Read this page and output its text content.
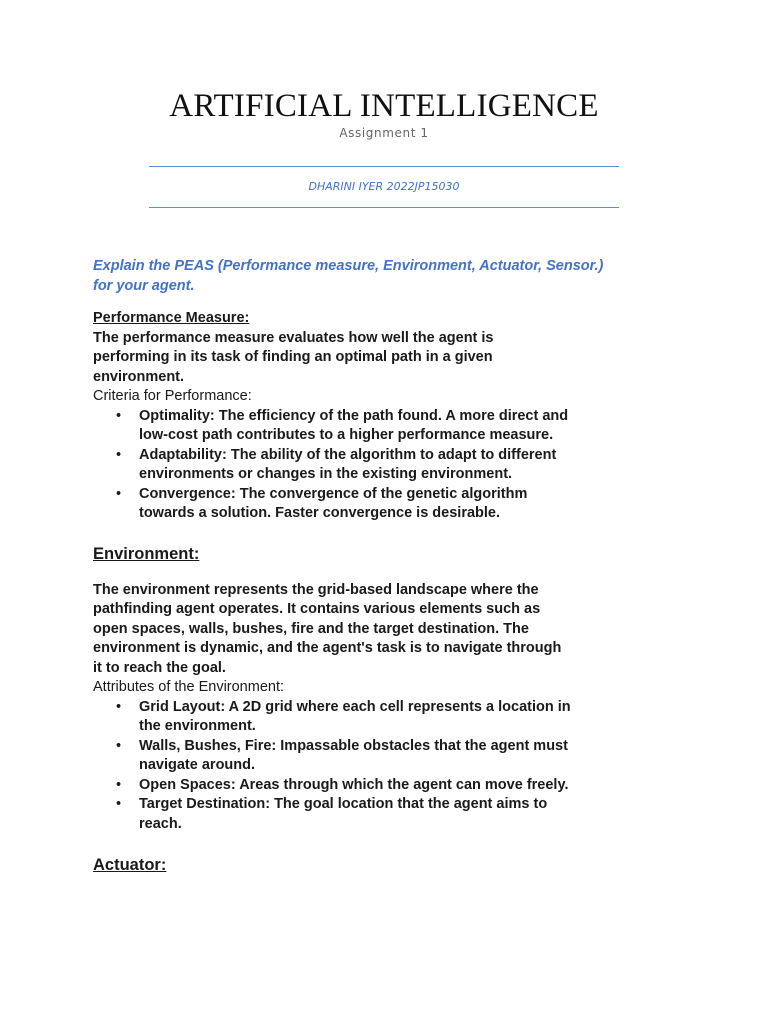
ARTIFICIAL INTELLIGENCE
Assignment 1
DHARINI IYER 2022JP15030

Explain the PEAS (Performance measure, Environment, Actuator, Sensor.)
for your agent.

Performance Measure:

The performance measure evaluates how well the agent is
performing in its task of finding an optimal path in a given
environment.

Criteria for Performance:

• Optimality: The efficiency of the path found. A more direct and
low-cost path contributes to a higher performance measure.
• Adaptability: The ability of the algorithm to adapt to different
environments or changes in the existing environment.
• Convergence: The convergence of the genetic algorithm
towards a solution. Faster convergence is desirable.
Environment:

The environment represents the grid-based landscape where the
pathfinding agent operates. It contains various elements such as
open spaces, walls, bushes, fire and the target destination. The
environment is dynamic, and the agent's task is to navigate through
it to reach the goal.

Attributes of the Environment:

• Grid Layout: A 2D grid where each cell represents a location in
the environment.
• Walls, Bushes, Fire: Impassable obstacles that the agent must
navigate around.
• Open Spaces: Areas through which the agent can move freely.
• Target Destination: The goal location that the agent aims to
reach.
Actuator:
